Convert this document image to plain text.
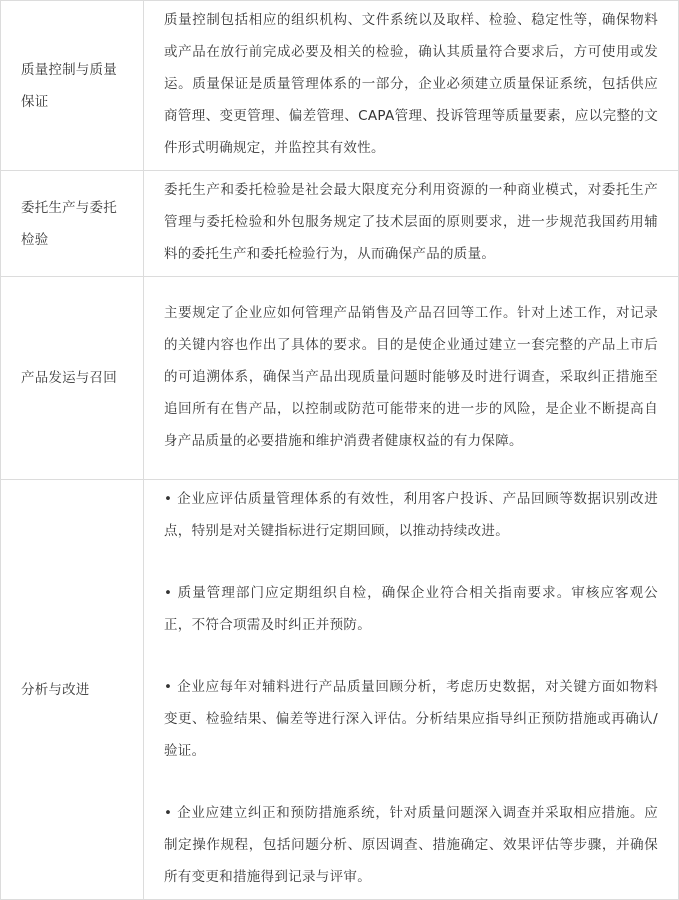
质量控制与质量保证	质量控制包括相应的组织机构、文件系统以及取样、检验、稳定性等，确保物料或产品在放行前完成必要及相关的检验，确认其质量符合要求后，方可使用或发运。质量保证是质量管理体系的一部分，企业必须建立质量保证系统，包括供应商管理、变更管理、偏差管理、CAPA管理、投诉管理等质量要素，应以完整的文件形式明确规定，并监控其有效性。

委托生产与委托检验	委托生产和委托检验是社会最大限度充分利用资源的一种商业模式，对委托生产管理与委托检验和外包服务规定了技术层面的原则要求，进一步规范我国药用辅料的委托生产和委托检验行为，从而确保产品的质量。

产品发运与召回	主要规定了企业应如何管理产品销售及产品召回等工作。针对上述工作，对记录的关键内容也作出了具体的要求。目的是使企业通过建立一套完整的产品上市后的可追溯体系，确保当产品出现质量问题时能够及时进行调查，采取纠正措施至追回所有在售产品，以控制或防范可能带来的进一步的风险，是企业不断提高自身产品质量的必要措施和维护消费者健康权益的有力保障。

分析与改进	• 企业应评估质量管理体系的有效性，利用客户投诉、产品回顾等数据识别改进点，特别是对关键指标进行定期回顾，以推动持续改进。

• 质量管理部门应定期组织自检，确保企业符合相关指南要求。审核应客观公正，不符合项需及时纠正并预防。

• 企业应每年对辅料进行产品质量回顾分析，考虑历史数据，对关键方面如物料变更、检验结果、偏差等进行深入评估。分析结果应指导纠正预防措施或再确认/验证。

• 企业应建立纠正和预防措施系统，针对质量问题深入调查并采取相应措施。应制定操作规程，包括问题分析、原因调查、措施确定、效果评估等步骤，并确保所有变更和措施得到记录与评审。
